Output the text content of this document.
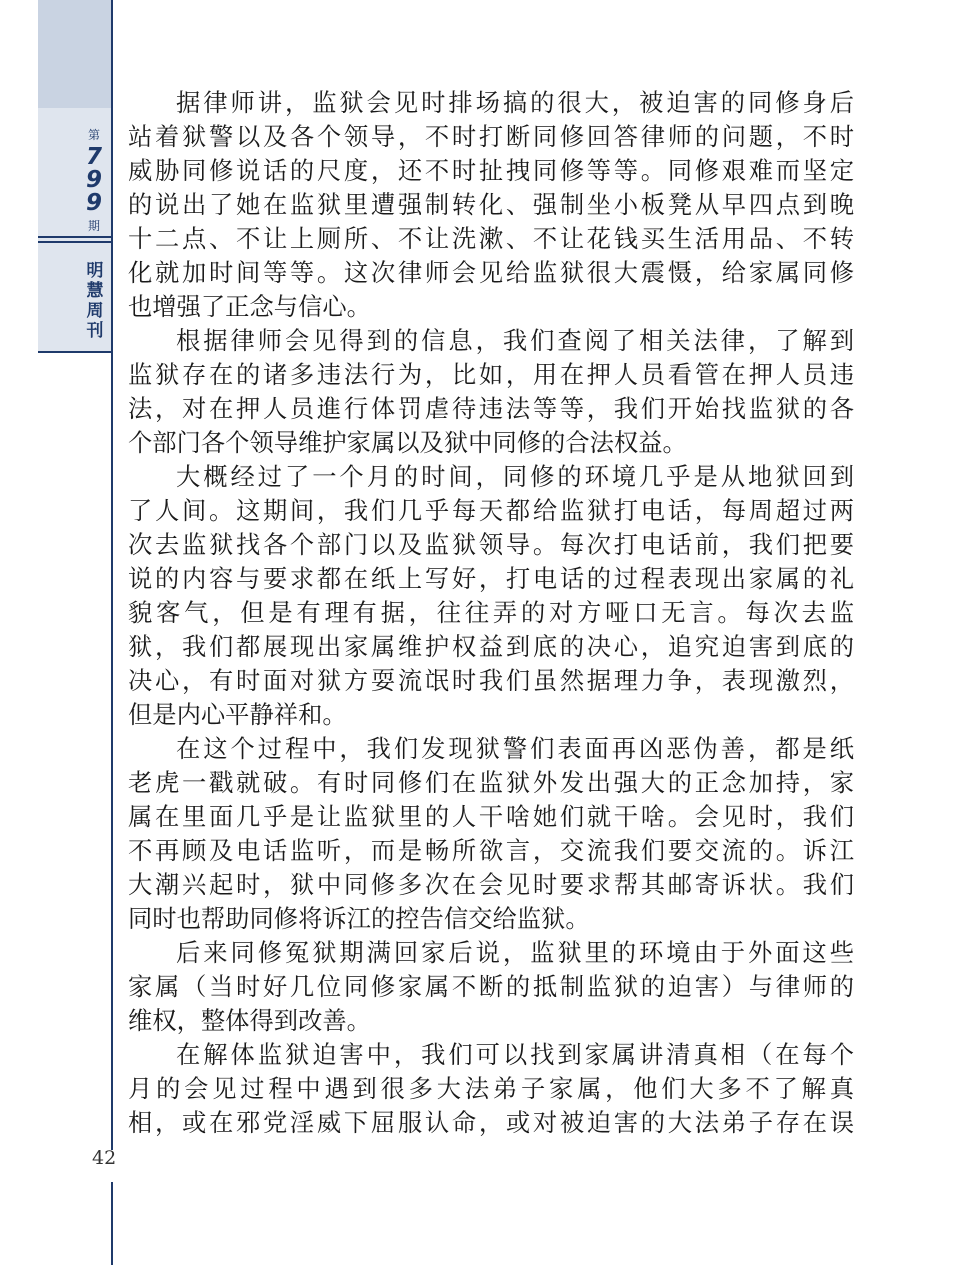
第
7
9
9
期
明
慧
周
刊
据律师讲，监狱会见时排场搞的很大，被迫害的同修身后
站着狱警以及各个领导，不时打断同修回答律师的问题，不时
威胁同修说话的尺度，还不时扯拽同修等等。同修艰难而坚定
的说出了她在监狱里遭强制转化、强制坐小板凳从早四点到晚
十二点、不让上厕所、不让洗漱、不让花钱买生活用品、不转
化就加时间等等。这次律师会见给监狱很大震慑，给家属同修
也增强了正念与信心。
根据律师会见得到的信息，我们查阅了相关法律，了解到
监狱存在的诸多违法行为，比如，用在押人员看管在押人员违
法，对在押人员進行体罚虐待违法等等，我们开始找监狱的各
个部门各个领导维护家属以及狱中同修的合法权益。
大概经过了一个月的时间，同修的环境几乎是从地狱回到
了人间。这期间，我们几乎每天都给监狱打电话，每周超过两
次去监狱找各个部门以及监狱领导。每次打电话前，我们把要
说的内容与要求都在纸上写好，打电话的过程表现出家属的礼
貌客气，但是有理有据，往往弄的对方哑口无言。每次去监
狱，我们都展现出家属维护权益到底的决心，追究迫害到底的
决心，有时面对狱方耍流氓时我们虽然据理力争，表现激烈，
但是内心平静祥和。
在这个过程中，我们发现狱警们表面再凶恶伪善，都是纸
老虎一戳就破。有时同修们在监狱外发出强大的正念加持，家
属在里面几乎是让监狱里的人干啥她们就干啥。会见时，我们
不再顾及电话监听，而是畅所欲言，交流我们要交流的。诉江
大潮兴起时，狱中同修多次在会见时要求帮其邮寄诉状。我们
同时也帮助同修将诉江的控告信交给监狱。
后来同修冤狱期满回家后说，监狱里的环境由于外面这些
家属（当时好几位同修家属不断的抵制监狱的迫害）与律师的
维权，整体得到改善。
在解体监狱迫害中，我们可以找到家属讲清真相（在每个
月的会见过程中遇到很多大法弟子家属，他们大多不了解真
相，或在邪党淫威下屈服认命，或对被迫害的大法弟子存在误
42
